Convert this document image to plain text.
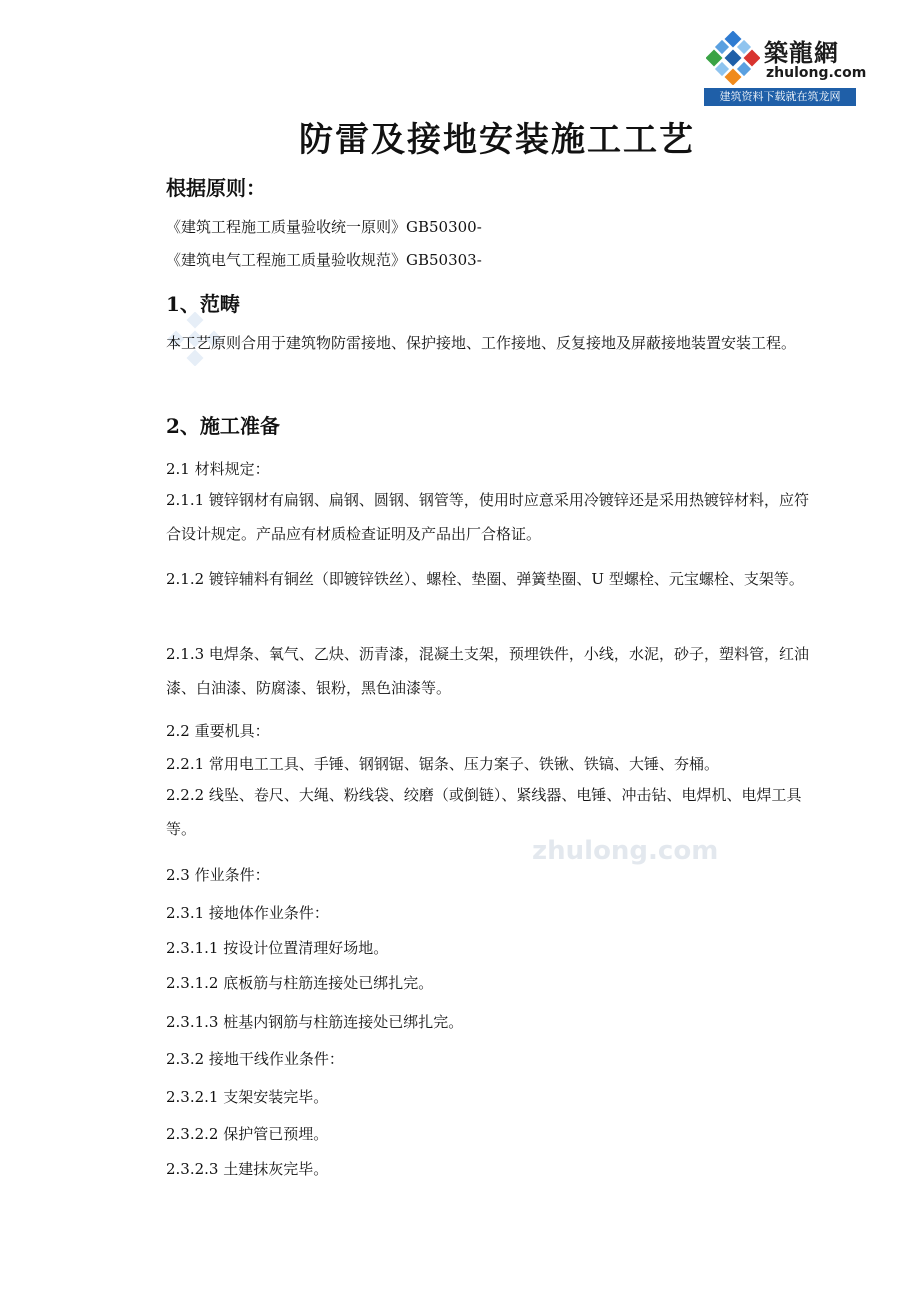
築龍網
zhulong.com
建筑资料下载就在筑龙网
zhulong.com
防雷及接地安装施工工艺
根据原则：

《建筑工程施工质量验收统一原则》GB50300-

《建筑电气工程施工质量验收规范》GB50303-

1、范畴

本工艺原则合用于建筑物防雷接地、保护接地、工作接地、反复接地及屏蔽接地装置安装工程。

2、施工准备

2.1 材料规定：

2.1.1 镀锌钢材有扁钢、扁钢、圆钢、钢管等，使用时应意采用冷镀锌还是采用热镀锌材料，应符合设计规定。产品应有材质检查证明及产品出厂合格证。

2.1.2 镀锌辅料有铜丝（即镀锌铁丝）、螺栓、垫圈、弹簧垫圈、U 型螺栓、元宝螺栓、支架等。

2.1.3 电焊条、氧气、乙炔、沥青漆，混凝土支架，预埋铁件，小线，水泥，砂子，塑料管，红油漆、白油漆、防腐漆、银粉，黑色油漆等。

2.2 重要机具：

2.2.1 常用电工工具、手锤、钢钢锯、锯条、压力案子、铁锹、铁镐、大锤、夯桶。

2.2.2 线坠、卷尺、大绳、粉线袋、绞磨（或倒链）、紧线器、电锤、冲击钻、电焊机、电焊工具等。

2.3 作业条件：

2.3.1 接地体作业条件：

2.3.1.1 按设计位置清理好场地。

2.3.1.2 底板筋与柱筋连接处已绑扎完。

2.3.1.3 桩基内钢筋与柱筋连接处已绑扎完。

2.3.2 接地干线作业条件：

2.3.2.1 支架安装完毕。

2.3.2.2 保护管已预埋。

2.3.2.3 土建抹灰完毕。
